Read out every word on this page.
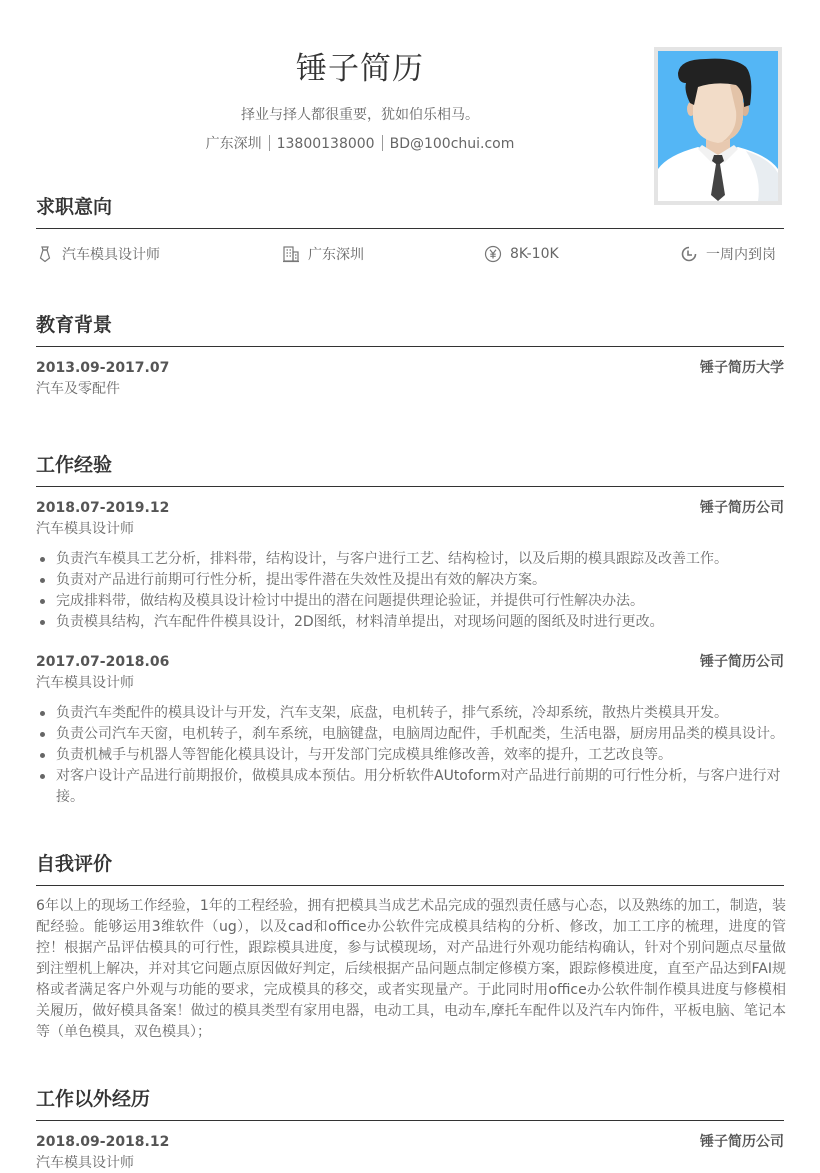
锤子简历
择业与择人都很重要，犹如伯乐相马。
广东深圳 13800138000 BD@100chui.com
求职意向
汽车模具设计师	广东深圳	8K-10K	一周内到岗
教育背景
2013.09-2017.07	锤子简历大学
汽车及零配件
工作经验
2018.07-2019.12	锤子简历公司
汽车模具设计师
负责汽车模具工艺分析，排料带，结构设计，与客户进行工艺、结构检讨，以及后期的模具跟踪及改善工作。
负责对产品进行前期可行性分析，提出零件潜在失效性及提出有效的解决方案。
完成排料带，做结构及模具设计检讨中提出的潜在问题提供理论验证，并提供可行性解决办法。
负责模具结构，汽车配件件模具设计，2D图纸，材料清单提出，对现场问题的图纸及时进行更改。
2017.07-2018.06	锤子简历公司
汽车模具设计师
负责汽车类配件的模具设计与开发，汽车支架，底盘，电机转子，排气系统，冷却系统，散热片类模具开发。
负责公司汽车天窗，电机转子，刹车系统，电脑键盘，电脑周边配件，手机配类，生活电器，厨房用品类的模具设计。
负责机械手与机器人等智能化模具设计，与开发部门完成模具维修改善，效率的提升，工艺改良等。
对客户设计产品进行前期报价，做模具成本预估。用分析软件AUtoform对产品进行前期的可行性分析，与客户进行对接。
自我评价
6年以上的现场工作经验，1年的工程经验，拥有把模具当成艺术品完成的强烈责任感与心态，以及熟练的加工，制造，装配经验。能够运用3维软件（ug），以及cad和office办公软件完成模具结构的分析、修改，加工工序的梳理，进度的管控！根据产品评估模具的可行性，跟踪模具进度，参与试模现场，对产品进行外观功能结构确认，针对个别问题点尽量做到注塑机上解决，并对其它问题点原因做好判定，后续根据产品问题点制定修模方案，跟踪修模进度，直至产品达到FAI规格或者满足客户外观与功能的要求，完成模具的移交，或者实现量产。于此同时用office办公软件制作模具进度与修模相关履历，做好模具备案！做过的模具类型有家用电器，电动工具，电动车,摩托车配件以及汽车内饰件，平板电脑、笔记本等（单色模具，双色模具）；
工作以外经历
2018.09-2018.12	锤子简历公司
汽车模具设计师
